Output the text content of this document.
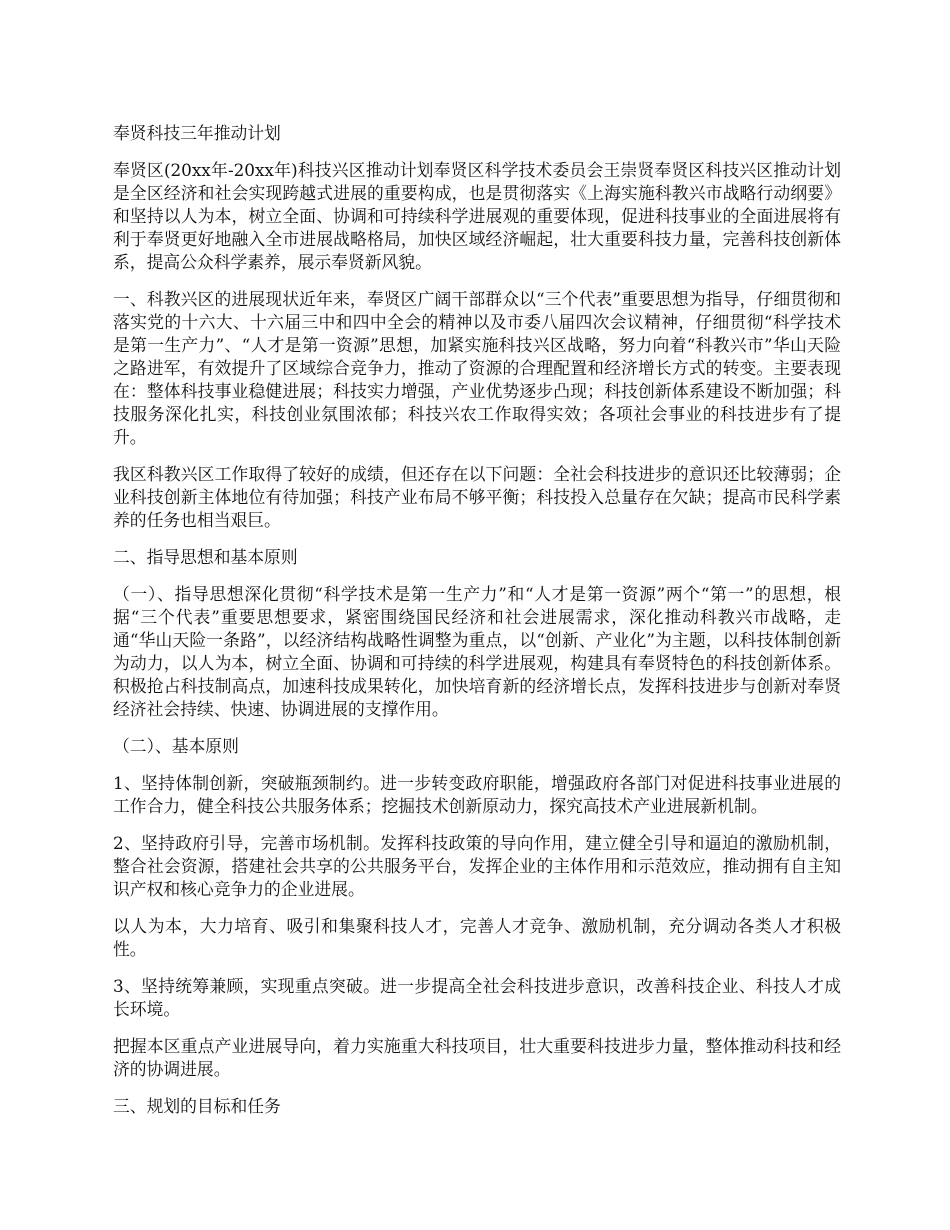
奉贤科技三年推动计划

奉贤区(20xx年-20xx年)科技兴区推动计划奉贤区科学技术委员会王崇贤奉贤区科技兴区推动计划是全区经济和社会实现跨越式进展的重要构成，也是贯彻落实《上海实施科教兴市战略行动纲要》和坚持以人为本，树立全面、协调和可持续科学进展观的重要体现，促进科技事业的全面进展将有利于奉贤更好地融入全市进展战略格局，加快区域经济崛起，壮大重要科技力量，完善科技创新体系，提高公众科学素养，展示奉贤新风貌。

一、科教兴区的进展现状近年来，奉贤区广阔干部群众以“三个代表”重要思想为指导，仔细贯彻和落实党的十六大、十六届三中和四中全会的精神以及市委八届四次会议精神，仔细贯彻“科学技术是第一生产力”、“人才是第一资源”思想，加紧实施科技兴区战略，努力向着“科教兴市”华山天险之路进军，有效提升了区域综合竞争力，推动了资源的合理配置和经济增长方式的转变。主要表现在：整体科技事业稳健进展；科技实力增强，产业优势逐步凸现；科技创新体系建设不断加强；科技服务深化扎实，科技创业氛围浓郁；科技兴农工作取得实效；各项社会事业的科技进步有了提升。

我区科教兴区工作取得了较好的成绩，但还存在以下问题：全社会科技进步的意识还比较薄弱；企业科技创新主体地位有待加强；科技产业布局不够平衡；科技投入总量存在欠缺；提高市民科学素养的任务也相当艰巨。

二、指导思想和基本原则

（一）、指导思想深化贯彻“科学技术是第一生产力”和“人才是第一资源”两个“第一”的思想，根据“三个代表”重要思想要求，紧密围绕国民经济和社会进展需求，深化推动科教兴市战略，走通“华山天险一条路”，以经济结构战略性调整为重点，以“创新、产业化”为主题，以科技体制创新为动力，以人为本，树立全面、协调和可持续的科学进展观，构建具有奉贤特色的科技创新体系。积极抢占科技制高点，加速科技成果转化，加快培育新的经济增长点，发挥科技进步与创新对奉贤经济社会持续、快速、协调进展的支撑作用。

（二）、基本原则

1、坚持体制创新，突破瓶颈制约。进一步转变政府职能，增强政府各部门对促进科技事业进展的工作合力，健全科技公共服务体系；挖掘技术创新原动力，探究高技术产业进展新机制。

2、坚持政府引导，完善市场机制。发挥科技政策的导向作用，建立健全引导和逼迫的激励机制，整合社会资源，搭建社会共享的公共服务平台，发挥企业的主体作用和示范效应，推动拥有自主知识产权和核心竞争力的企业进展。

以人为本，大力培育、吸引和集聚科技人才，完善人才竞争、激励机制，充分调动各类人才积极性。

3、坚持统筹兼顾，实现重点突破。进一步提高全社会科技进步意识，改善科技企业、科技人才成长环境。

把握本区重点产业进展导向，着力实施重大科技项目，壮大重要科技进步力量，整体推动科技和经济的协调进展。

三、规划的目标和任务
